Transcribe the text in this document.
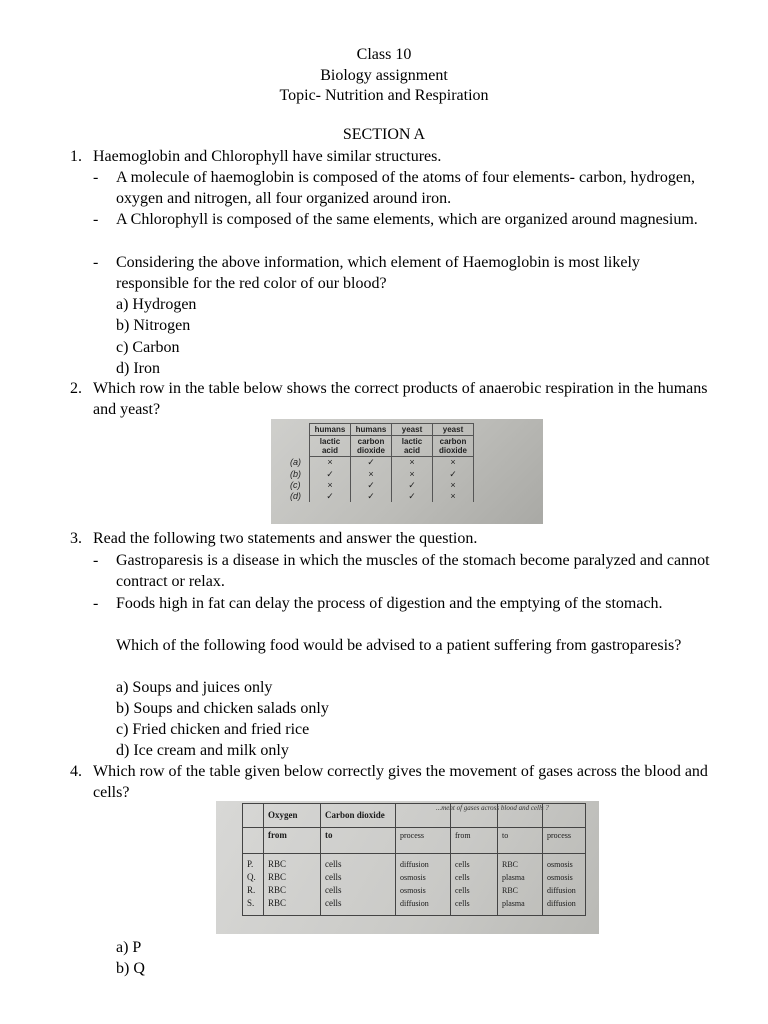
Class 10
Biology assignment
Topic- Nutrition and Respiration
SECTION A
1. Haemoglobin and Chlorophyll have similar structures.
- A molecule of haemoglobin is composed of the atoms of four elements- carbon, hydrogen, oxygen and nitrogen, all four organized around iron.
- A Chlorophyll is composed of the same elements, which are organized around magnesium.
- Considering the above information, which element of Haemoglobin is most likely responsible for the red color of our blood?
a) Hydrogen
b) Nitrogen
c) Carbon
d) Iron
2. Which row in the table below shows the correct products of anaerobic respiration in the humans and yeast?
	humans	humans	yeast	yeast
	lactic acid	carbon dioxide	lactic acid	carbon dioxide
(a)	×	✓	×	×
(b)	✓	×	×	✓
(c)	×	✓	✓	×
(d)	✓	✓	✓	×
3. Read the following two statements and answer the question.
- Gastroparesis is a disease in which the muscles of the stomach become paralyzed and cannot contract or relax.
- Foods high in fat can delay the process of digestion and the emptying of the stomach.
Which of the following food would be advised to a patient suffering from gastroparesis?
a) Soups and juices only
b) Soups and chicken salads only
c) Fried chicken and fried rice
d) Ice cream and milk only
4. Which row of the table given below correctly gives the movement of gases across the blood and cells?
...ment of gases across blood and cells ?
	Oxygen	Carbon dioxide				
	from	to	process	from	to	process
P.	RBC	cells	diffusion	cells	RBC	osmosis
Q.	RBC	cells	osmosis	cells	plasma	osmosis
R.	RBC	cells	osmosis	cells	RBC	diffusion
S.	RBC	cells	diffusion	cells	plasma	diffusion
a) P
b) Q
